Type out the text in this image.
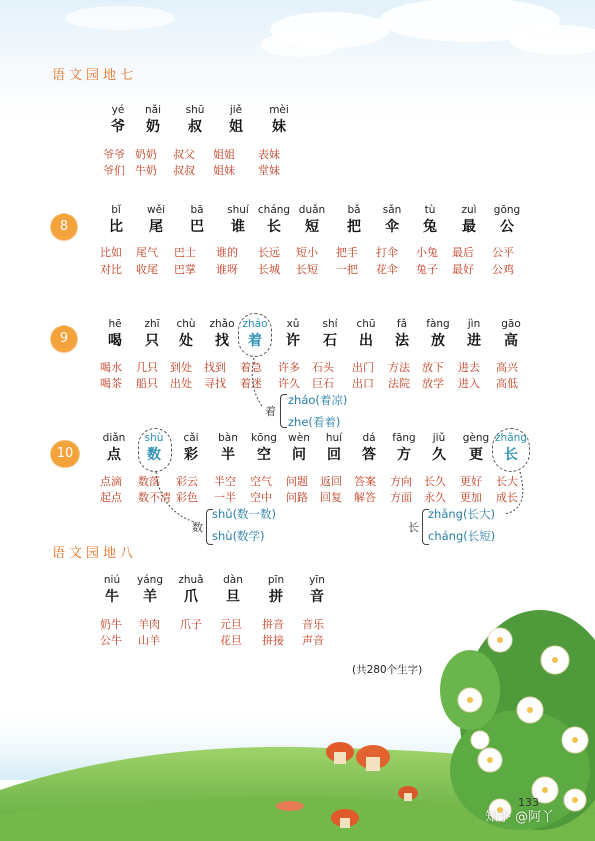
语文园地七
yé
爷
nǎi
奶
shū
叔
jiě
姐
mèi
妹
爷爷 奶奶 叔父 姐姐 表妹
爷们 牛奶 叔叔 姐妹 堂妹
8
bǐ
比
wěi
尾
bā
巴
shuí
谁
cháng
长
duǎn
短
bǎ
把
sǎn
伞
tù
兔
zuì
最
gōng
公
比如 尾气 巴士 谁的 长远 短小 把手 打伞 小兔 最后 公平
对比 收尾 巴掌 谁呀 长城 长短 一把 花伞 兔子 最好 公鸡
9
hē
喝
zhī
只
chù
处
zhǎo
找
zháo
着
xǔ
许
shí
石
chū
出
fǎ
法
fàng
放
jìn
进
gāo
高
喝水 几只 到处 找到 着急 许多 石头 出门 方法 放下 进去 高兴
喝茶 船只 出处 寻找 着迷 许久 巨石 出口 法院 放学 进入 高低
着
zháo(着凉)
zhe(看着)
10
diǎn
点
shù
数
cǎi
彩
bàn
半
kōng
空
wèn
问
huí
回
dá
答
fāng
方
jiǔ
久
gèng
更
zhǎng
长
点滴 数落 彩云 半空 空气 问题 返回 答案 方向 长久 更好 长大
起点 数不清 彩色 一半 空中 问路 回复 解答 方面 永久 更加 成长
数
shǔ(数一数)
shù(数学)
长
zhǎng(长大)
cháng(长短)
语文园地八
niú
牛
yáng
羊
zhuǎ
爪
dàn
旦
pīn
拼
yīn
音
奶牛 羊肉 爪子 元旦 拼音 音乐
公牛 山羊	花旦 拼接 声音
(共280个生字)
133
知乎 @阿丫
